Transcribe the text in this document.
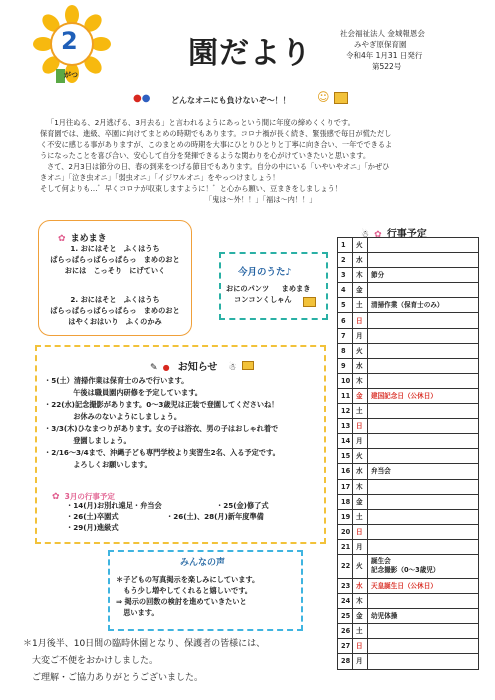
2
がつ
園だより
社会福祉法人 金城報恩会
みやぎ原保育園
令和4年 1月31 日発行
第522号
●●	どんなオニにも負けないぞ～！！ ☺
「1月往ぬる、2月逃げる、3月去る」と言われるようにあっという間に年度の締めくくりです。
保育園では、進級、卒園に向けてまとめの時期でもあります。コロナ禍が長く続き、緊張感で毎日が慌ただし
く不安に感じる事がありますが、このまとめの時期を大事にひとりひとりと丁寧に向き合い、一年でできるよ
うになったことを喜び合い、安心して自分を発揮できるような関わりを心がけていきたいと思います。
さて、2月3日は節分の日、春の到来をつげる節目でもあります。自分の中にいる「いやいやオニ」「かぜひ
きオニ」「泣き虫オニ」「弱虫オニ」「イジワルオニ」をやっつけましょう！
そして何よりも…゛早くコロナが収束しますように！゛と心から願い、豆まきをしましょう！
「鬼は～外！！」「福は～内！！」
✿ まめまき
1. おにはそと　ふくはうち
ぱらっぱらっぱらっぱらっ　まめのおと
おには　こっそり　にげていく
2. おにはそと　ふくはうち
ぱらっぱらっぱらっぱらっ　まめのおと
はやくおはいり　ふくのかみ
今月のうた♪
おにのパンツ まめまき
コンコンくしゃん
✎ ● お知らせ ☃
・5(土）清掃作業は保育士のみで行います。
　午後は職員園内研修を予定しています。
・22(水)記念撮影があります。0～3歳児は正装で登園してくださいね！
　お休みのないようにしましょう。
・3/3(木)ひなまつりがあります。女の子は浴衣、男の子はおしゃれ着で
　登園しましょう。
・2/16～3/4まで、沖縄子ども専門学校より実習生2名、入る予定です。
　よろしくお願いします。
✿ 3月の行事予定
・14(月)お別れ遠足・弁当会	・25(金)修了式
・26(土)卒園式	・26(土)、28(月)新年度準備
・29(月)進級式
みんなの声
＊子どもの写真掲示を楽しみにしています。
　もう少し増やしてくれると嬉しいです。
⇒ 掲示の回数の検討を進めていきたいと
　思います。
＊1月後半、10日間の臨時休園となり、保護者の皆様には、
　大変ご不便をおかけしました。
　ご理解・ご協力ありがとうございました。
☃ ✿ 行事予定
1	火	
2	水	
3	木	節分
4	金	
5	土	清掃作業（保育士のみ）
6	日	
7	月	
8	火	
9	水	
10	木	
11	金	建国記念日（公休日）
12	土	
13	日	
14	月	
15	火	
16	水	弁当会
17	木	
18	金	
19	土	
20	日	
21	月	
22	火	誕生会
記念撮影（0～3歳児）
23	水	天皇誕生日（公休日）
24	木	
25	金	幼児体操
26	土	
27	日	
28	月	
